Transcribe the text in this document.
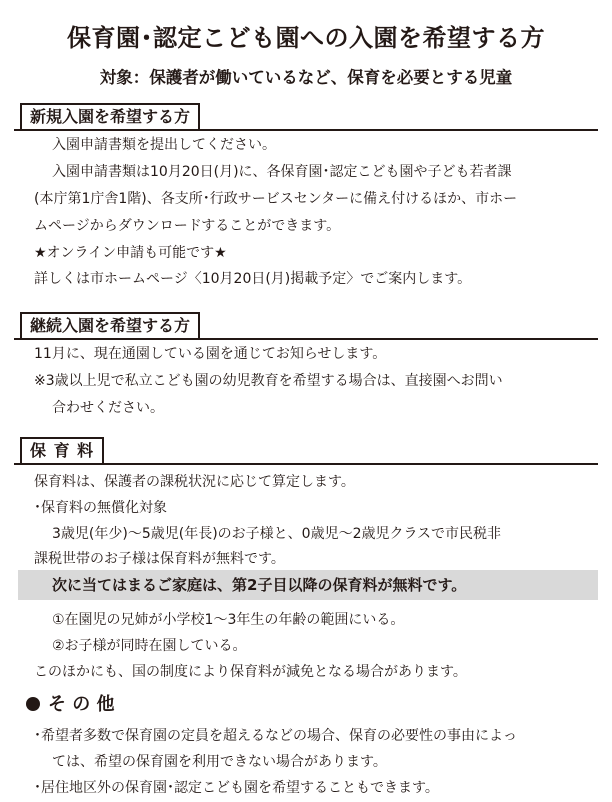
保育園･認定こども園への入園を希望する方

対象：保護者が働いているなど、保育を必要とする児童

新規入園を希望する方
入園申請書類を提出してください。
入園申請書類は10月20日(月)に、各保育園･認定こども園や子ども若者課
(本庁第1庁舎1階)、各支所･行政サービスセンターに備え付けるほか、市ホー
ムページからダウンロードすることができます。
★オンライン申請も可能です★
詳しくは市ホームページ〈10月20日(月)掲載予定〉でご案内します。
継続入園を希望する方
11月に、現在通園している園を通じてお知らせします。
※3歳以上児で私立こども園の幼児教育を希望する場合は、直接園へお問い
合わせください。
保 育 料
保育料は、保護者の課税状況に応じて算定します。
･保育料の無償化対象
3歳児(年少)～5歳児(年長)のお子様と、0歳児～2歳児クラスで市民税非
課税世帯のお子様は保育料が無料です。
次に当てはまるご家庭は、第2子目以降の保育料が無料です。
①在園児の兄姉が小学校1～3年生の年齢の範囲にいる。
②お子様が同時在園している。
このほかにも、国の制度により保育料が減免となる場合があります。
そ の 他
･希望者多数で保育園の定員を超えるなどの場合、保育の必要性の事由によっ
ては、希望の保育園を利用できない場合があります。
･居住地区外の保育園･認定こども園を希望することもできます。
